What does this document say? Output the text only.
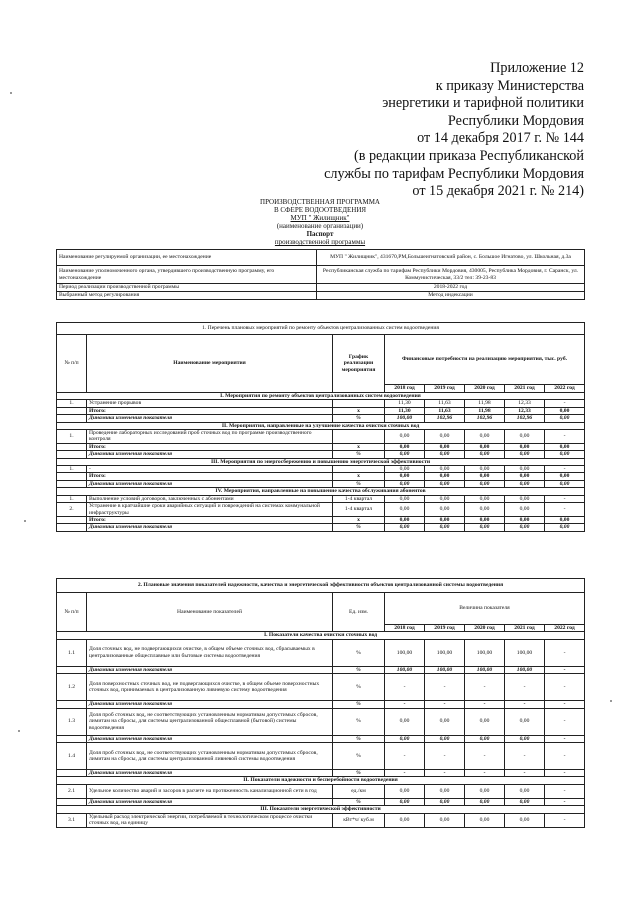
Приложение 12
к приказу Министерства
энергетики и тарифной политики
Республики Мордовия
от 14 декабря 2017 г. № 144
(в редакции приказа Республиканской
службы по тарифам Республики Мордовия
от 15 декабря 2021 г. № 214)
ПРОИЗВОДСТВЕННАЯ ПРОГРАММА
В СФЕРЕ ВОДООТВЕДЕНИЯ
МУП " Жилищник"
(наименование организации)
Паспорт
производственной программы
Наименование регулируемой организации, ее местонахождение	МУП " Жилищник", 431670,РМ,Большеигнатовский район, с. Большое Игнатово, ул. Школьная, д.3а
Наименование уполномоченного органа, утвердившего производственную программу, его местонахождение	Республиканская служба по тарифам Республики Мордовия, 430005, Республика Мордовия, г. Саранск, ул. Коммунистическая, 33/2 тел: 39-23-83
Период реализации производственной программы	2018-2022 год
Выбранный метод регулирования	Метод индексации
1. Перечень плановых мероприятий по ремонту объектов централизованных систем водоотведения							
№ п/п	Наименование мероприятия	График реализации мероприятия	Финансовые потребности на реализацию мероприятия, тыс. руб.				
			2018 год	2019 год	2020 год	2021 год	2022 год
I. Мероприятия по ремонту объектов централизованных систем водоотведения							
1.	Устранение прорывов		11,30	11,63	11,98	12,33	-
	Итого:	х	11,30	11,63	11,98	12,33	0,00
	Динамика изменения показателя	%	100,00	102,96	102,96	102,96	0,00
II. Мероприятия, направленные на улучшение качества очистки сточных вод							
1.	Проведение лабораторных исследований проб сточных вод по программе производственного контроля		0,00	0,00	0,00	0,00	-
	Итого:	х	0,00	0,00	0,00	0,00	0,00
	Динамика изменения показателя	%	0,00	0,00	0,00	0,00	0,00
III. Мероприятия по энергосбережению и повышению энергетической эффективности							
1.	-		0,00	0,00	0,00	0,00	-
	Итого:	х	0,00	0,00	0,00	0,00	0,00
	Динамика изменения показателя	%	0,00	0,00	0,00	0,00	0,00
IV. Мероприятия, направленные на повышение качества обслуживания абонентов							
1.	Выполнение условий договоров, заключенных с абонентами	1-4 квартал	0,00	0,00	0,00	0,00	-
2.	Устранение в кратчайшие сроки аварийных ситуаций и повреждений на системах коммунальной инфраструктуры	1-4 квартал	0,00	0,00	0,00	0,00	-
	Итого:	х	0,00	0,00	0,00	0,00	0,00
	Динамика изменения показателя	%	0,00	0,00	0,00	0,00	0,00
2. Плановые значения показателей надежности, качества и энергетической эффективности объектов централизованной системы водоотведения							
№ п/п	Наименование показателей	Ед. изм.	Величина показателя				
			2018 год	2019 год	2020 год	2021 год	2022 год
I. Показатели качества очистки сточных вод							
1.1	Доля сточных вод, не подвергающихся очистке, в общем объеме сточных вод, сбрасываемых в централизованные общесплавные или бытовые системы водоотведения	%	100,00	100,00	100,00	100,00	-
	Динамика изменения показателя	%	100,00	100,00	100,00	100,00	-
1.2	Доля поверхностных сточных вод, не подвергающихся очистке, в общем объеме поверхностных сточных вод, принимаемых в централизованную ливневую систему водоотведения	%	-	-	-	-	-
	Динамика изменения показателя	%	-	-	-	-	-
1.3	Доля проб сточных вод, не соответствующих установленным нормативам допустимых сбросов, лимитам на сбросы, для системы централизованной общесплавной (бытовой) системы водоотведения	%	0,00	0,00	0,00	0,00	-
	Динамика изменения показателя	%	0,00	0,00	0,00	0,00	-
1.4	Доля проб сточных вод, не соответствующих установленным нормативам допустимых сбросов, лимитам на сбросы, для системы централизованной ливневой системы водоотведения	%	-	-	-	-	-
	Динамика изменения показателя	%	-	-	-	-	-
II. Показатели надежности и бесперебойности водоотведения							
2.1	Удельное количество аварий и засоров в расчете на протяженность канализационной сети в год	ед./км	0,00	0,00	0,00	0,00	-
	Динамика изменения показателя	%	0,00	0,00	0,00	0,00	-
III. Показатели энергетической эффективности							
3.1	Удельный расход электрической энергии, потребляемой в технологическом процессе очистки сточных вод, на единицу	кВт*ч/ куб.м	0,00	0,00	0,00	0,00	-
